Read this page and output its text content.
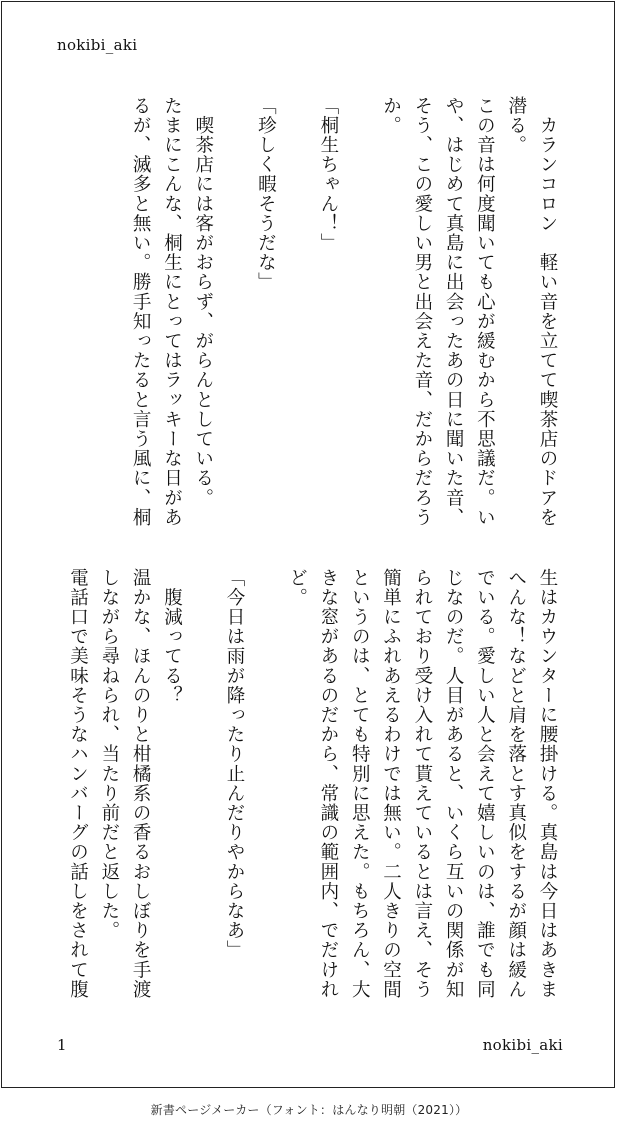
nokibi_aki
　カランコロン　軽い音を立てて喫茶店のドアを
潜る。
この音は何度聞いても心が緩むから不思議だ。い
や、はじめて真島に出会ったあの日に聞いた音、
そう、この愛しい男と出会えた音、だからだろう
か。

「桐生ちゃん！」

「珍しく暇そうだな」

　喫茶店には客がおらず、がらんとしている。
たまにこんな、桐生にとってはラッキーな日があ
るが、滅多と無い。勝手知ったると言う風に、桐
生はカウンターに腰掛ける。真島は今日はあきま
へんな！などと肩を落とす真似をするが顔は緩ん
でいる。愛しい人と会えて嬉しいのは、誰でも同
じなのだ。人目があると、いくら互いの関係が知
られており受け入れて貰えているとは言え、そう
簡単にふれあえるわけでは無い。二人きりの空間
というのは、とても特別に思えた。もちろん、大
きな窓があるのだから、常識の範囲内、でだけれ
ど。

「今日は雨が降ったり止んだりやからなあ」

　腹減ってる？
温かな、ほんのりと柑橘系の香るおしぼりを手渡
しながら尋ねられ、当たり前だと返した。
電話口で美味そうなハンバーグの話しをされて腹
1	nokibi_aki
新書ページメーカー（フォント：はんなり明朝（2021））
